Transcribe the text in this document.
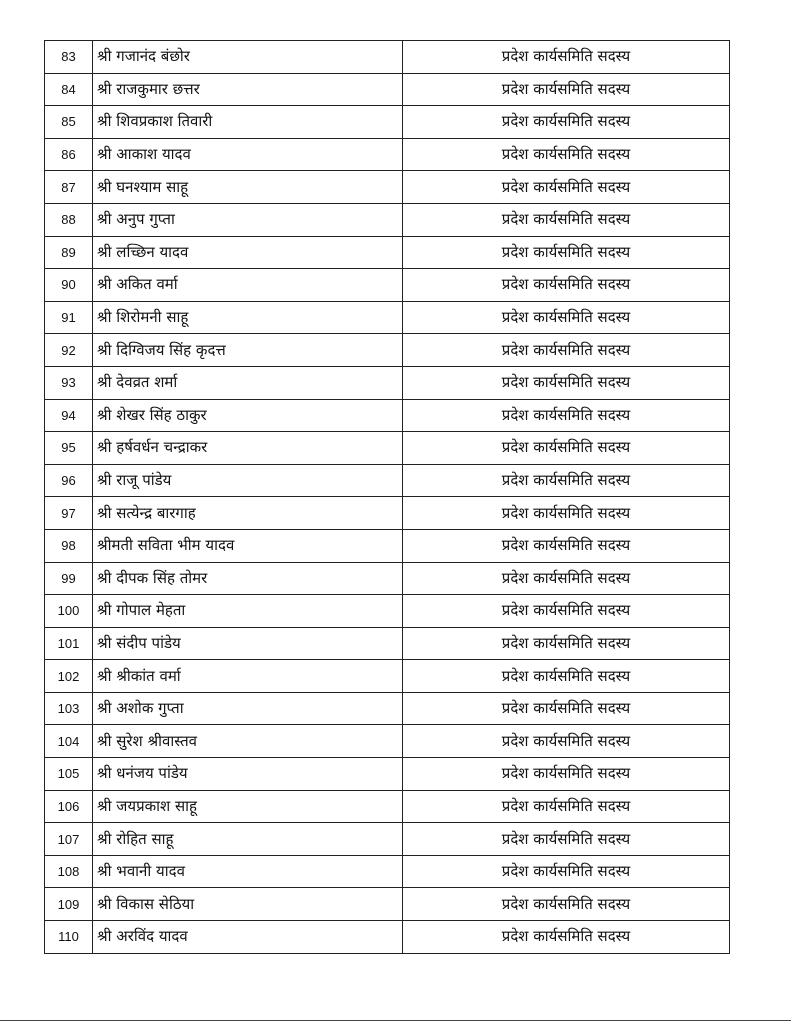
83	श्री गजानंद बंछोर	प्रदेश कार्यसमिति सदस्य
84	श्री राजकुमार छत्तर	प्रदेश कार्यसमिति सदस्य
85	श्री शिवप्रकाश तिवारी	प्रदेश कार्यसमिति सदस्य
86	श्री आकाश यादव	प्रदेश कार्यसमिति सदस्य
87	श्री घनश्याम साहू	प्रदेश कार्यसमिति सदस्य
88	श्री अनुप गुप्ता	प्रदेश कार्यसमिति सदस्य
89	श्री लच्छिन यादव	प्रदेश कार्यसमिति सदस्य
90	श्री अकित वर्मा	प्रदेश कार्यसमिति सदस्य
91	श्री शिरोमनी साहू	प्रदेश कार्यसमिति सदस्य
92	श्री दिग्विजय सिंह कृदत्त	प्रदेश कार्यसमिति सदस्य
93	श्री देवव्रत शर्मा	प्रदेश कार्यसमिति सदस्य
94	श्री शेखर सिंह ठाकुर	प्रदेश कार्यसमिति सदस्य
95	श्री हर्षवर्धन चन्द्राकर	प्रदेश कार्यसमिति सदस्य
96	श्री राजू पांडेय	प्रदेश कार्यसमिति सदस्य
97	श्री सत्येन्द्र बारगाह	प्रदेश कार्यसमिति सदस्य
98	श्रीमती सविता भीम यादव	प्रदेश कार्यसमिति सदस्य
99	श्री दीपक सिंह तोमर	प्रदेश कार्यसमिति सदस्य
100	श्री गोपाल मेहता	प्रदेश कार्यसमिति सदस्य
101	श्री संदीप पांडेय	प्रदेश कार्यसमिति सदस्य
102	श्री श्रीकांत वर्मा	प्रदेश कार्यसमिति सदस्य
103	श्री अशोक गुप्ता	प्रदेश कार्यसमिति सदस्य
104	श्री सुरेश श्रीवास्तव	प्रदेश कार्यसमिति सदस्य
105	श्री धनंजय पांडेय	प्रदेश कार्यसमिति सदस्य
106	श्री जयप्रकाश साहू	प्रदेश कार्यसमिति सदस्य
107	श्री रोहित साहू	प्रदेश कार्यसमिति सदस्य
108	श्री भवानी यादव	प्रदेश कार्यसमिति सदस्य
109	श्री विकास सेठिया	प्रदेश कार्यसमिति सदस्य
110	श्री अरविंद यादव	प्रदेश कार्यसमिति सदस्य
